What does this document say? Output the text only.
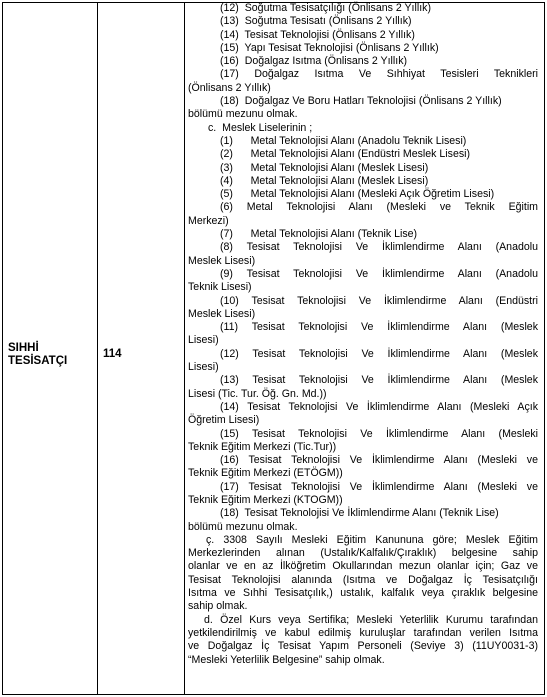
SIHHİ
TESİSATÇI
114
(12)  Soğutma Tesisatçılığı (Önlisans 2 Yıllık)
(13)  Soğutma Tesisatı (Önlisans 2 Yıllık)
(14)  Tesisat Teknolojisi (Önlisans 2 Yıllık)
(15)  Yapı Tesisat Teknolojisi (Önlisans 2 Yıllık)
(16)  Doğalgaz Isıtma (Önlisans 2 Yıllık)
(17) Doğalgaz Isıtma Ve Sıhhiyat Tesisleri Teknikleri
(Önlisans 2 Yıllık)
(18)  Doğalgaz Ve Boru Hatları Teknolojisi (Önlisans 2 Yıllık)
bölümü mezunu olmak.
c.  Meslek Liselerinin ;
(1)      Metal Teknolojisi Alanı (Anadolu Teknik Lisesi)
(2)      Metal Teknolojisi Alanı (Endüstri Meslek Lisesi)
(3)      Metal Teknolojisi Alanı (Meslek Lisesi)
(4)      Metal Teknolojisi Alanı (Meslek Lisesi)
(5)      Metal Teknolojisi Alanı (Mesleki Açık Öğretim Lisesi)
(6) Metal Teknolojisi Alanı (Mesleki ve Teknik Eğitim
Merkezi)
(7)      Metal Teknolojisi Alanı (Teknik Lise)
(8) Tesisat Teknolojisi Ve İklimlendirme Alanı (Anadolu
Meslek Lisesi)
(9) Tesisat Teknolojisi Ve İklimlendirme Alanı (Anadolu
Teknik Lisesi)
(10) Tesisat Teknolojisi Ve İklimlendirme Alanı (Endüstri
Meslek Lisesi)
(11) Tesisat Teknolojisi Ve İklimlendirme Alanı (Meslek
Lisesi)
(12) Tesisat Teknolojisi Ve İklimlendirme Alanı (Meslek
Lisesi)
(13) Tesisat Teknolojisi Ve İklimlendirme Alanı (Meslek
Lisesi (Tic. Tur. Öğ. Gn. Md.))
(14) Tesisat Teknolojisi Ve İklimlendirme Alanı (Mesleki Açık
Öğretim Lisesi)
(15) Tesisat Teknolojisi Ve İklimlendirme Alanı (Mesleki
Teknik Eğitim Merkezi (Tic.Tur))
(16) Tesisat Teknolojisi Ve İklimlendirme Alanı (Mesleki ve
Teknik Eğitim Merkezi (ETÖGM))
(17) Tesisat Teknolojisi Ve İklimlendirme Alanı (Mesleki ve
Teknik Eğitim Merkezi (KTOGM))
(18)  Tesisat Teknolojisi Ve İklimlendirme Alanı (Teknik Lise)
bölümü mezunu olmak.
ç. 3308 Sayılı Mesleki Eğitim Kanununa göre; Meslek Eğitim
Merkezlerinden alınan (Ustalık/Kalfalık/Çıraklık) belgesine sahip
olanlar ve en az İlköğretim Okullarından mezun olanlar için; Gaz ve
Tesisat Teknolojisi alanında (Isıtma ve Doğalgaz İç Tesisatçılığı
Isıtma ve Sıhhi Tesisatçılık,) ustalık, kalfalık veya çıraklık belgesine
sahip olmak.
d. Özel Kurs veya Sertifika; Mesleki Yeterlilik Kurumu tarafından
yetkilendirilmiş ve kabul edilmiş kuruluşlar tarafından verilen Isıtma
ve Doğalgaz İç Tesisat Yapım Personeli (Seviye 3) (11UY0031-3)
“Mesleki Yeterlilik Belgesine” sahip olmak.
